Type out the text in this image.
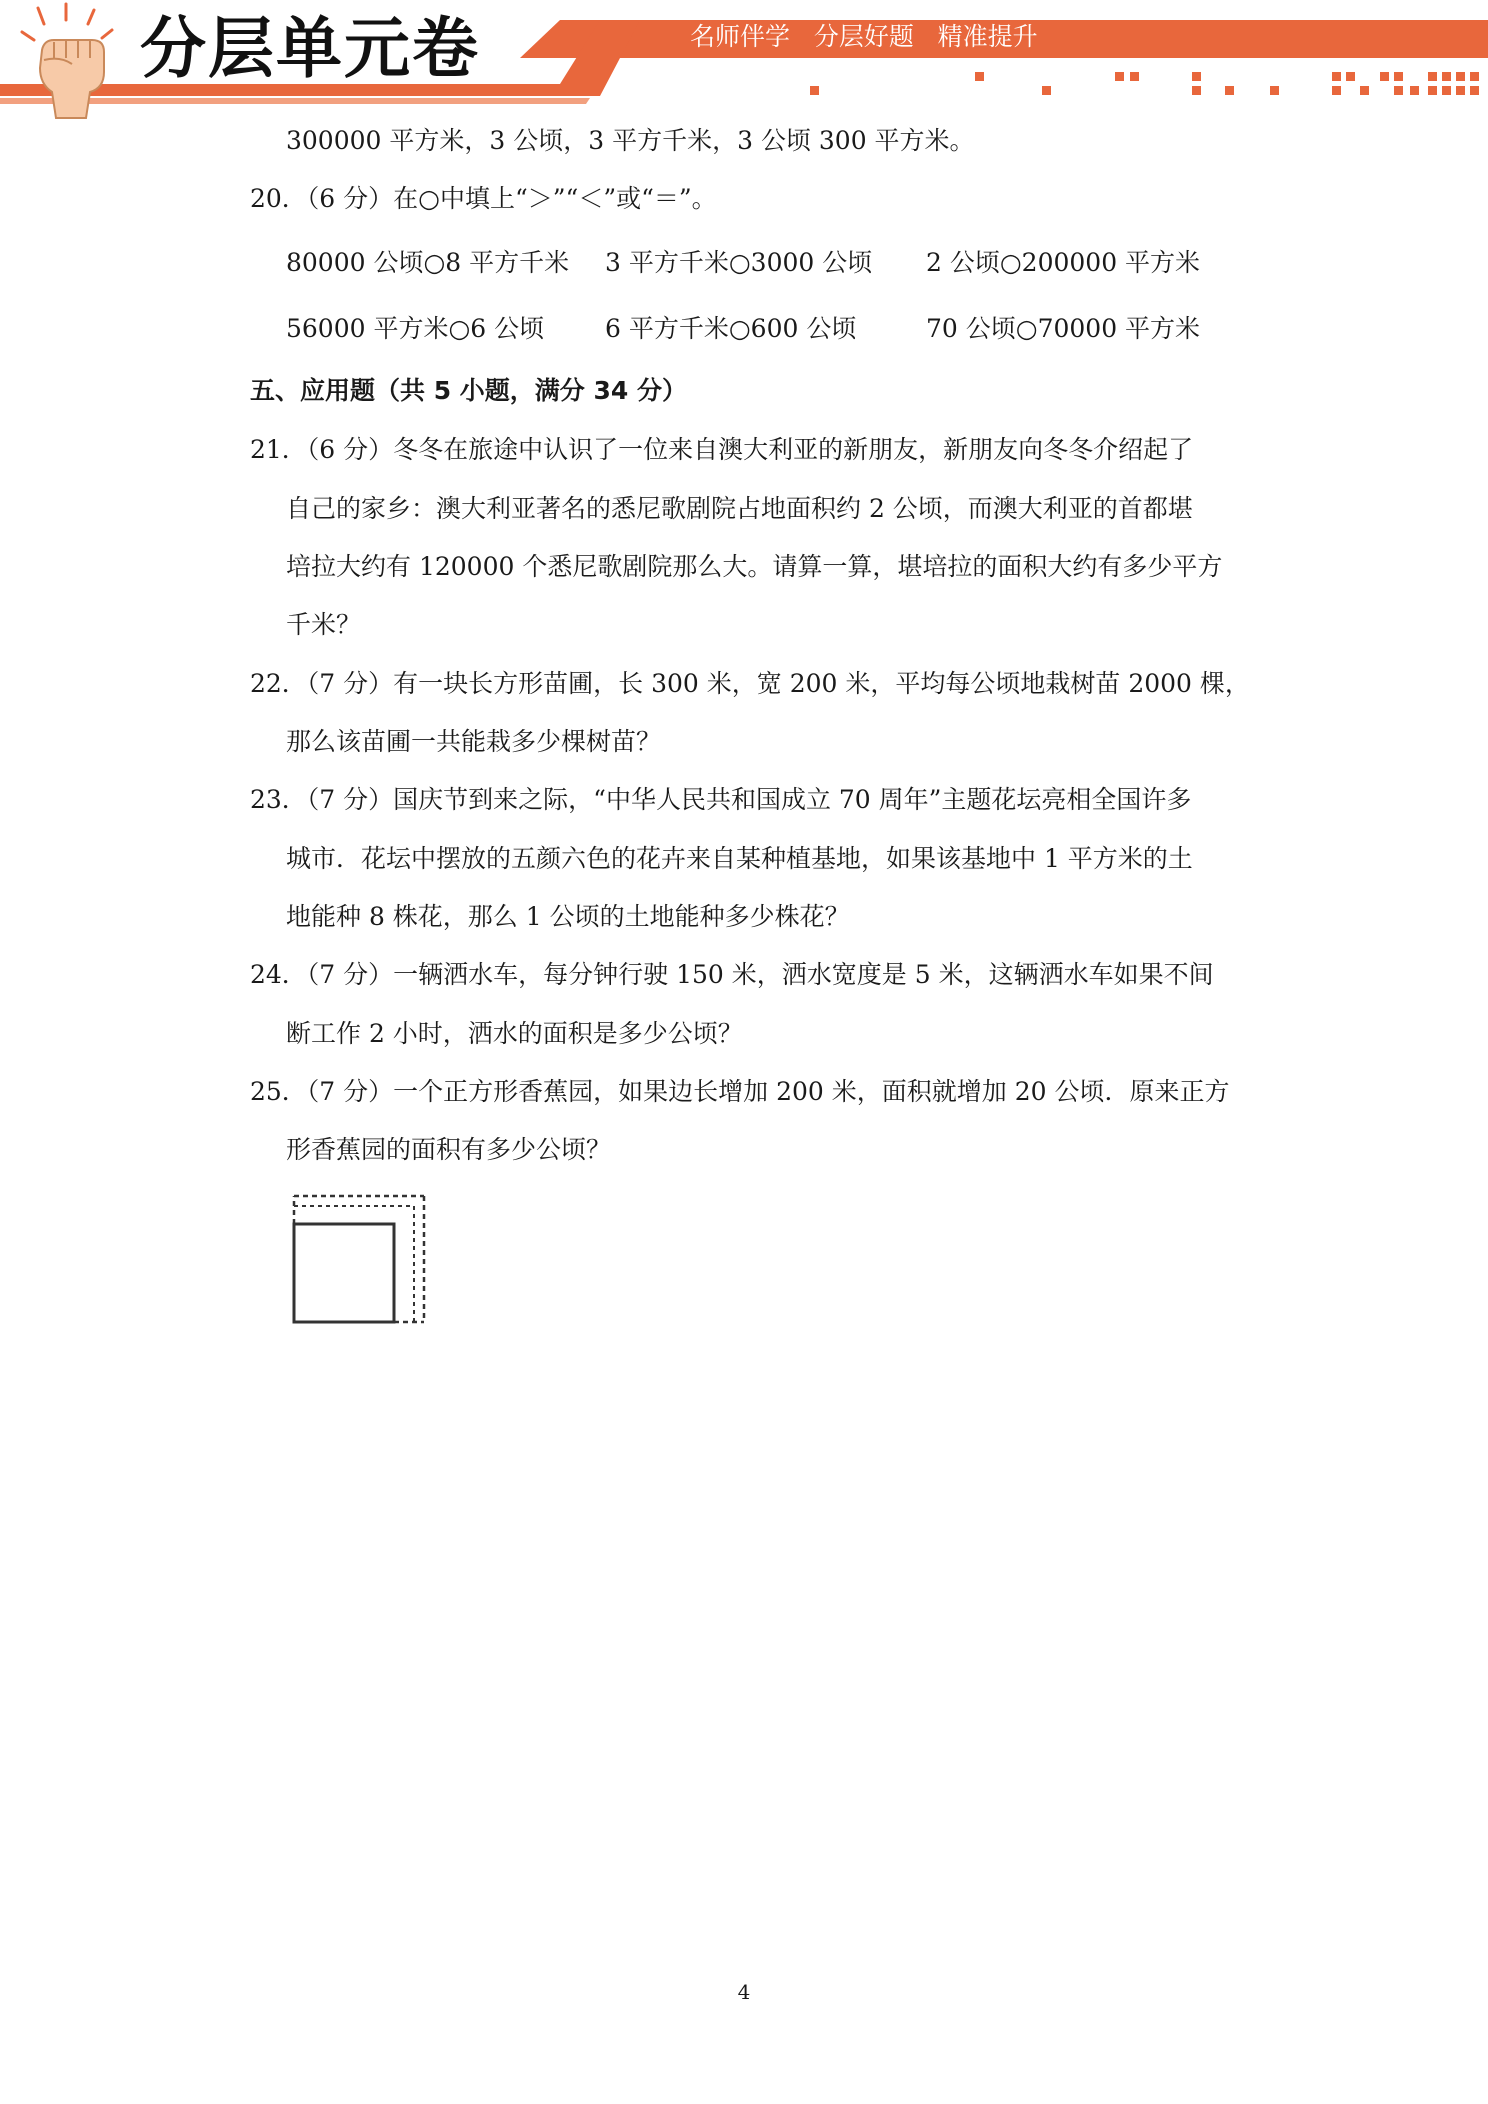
分层单元卷	名师伴学   分层好题   精准提升
300000 平方米，3 公顷，3 平方千米，3 公顷 300 平方米。
20．（6 分）在○中填上“＞”“＜”或“＝”。
80000 公顷○8 平方千米 3 平方千米○3000 公顷 2 公顷○200000 平方米
56000 平方米○6 公顷 6 平方千米○600 公顷	70 公顷○70000 平方米
五、应用题（共 5 小题，满分 34 分）
21．（6 分）冬冬在旅途中认识了一位来自澳大利亚的新朋友，新朋友向冬冬介绍起了
自己的家乡：澳大利亚著名的悉尼歌剧院占地面积约 2 公顷，而澳大利亚的首都堪
培拉大约有 120000 个悉尼歌剧院那么大。请算一算，堪培拉的面积大约有多少平方
千米？
22．（7 分）有一块长方形苗圃，长 300 米，宽 200 米，平均每公顷地栽树苗 2000 棵，
那么该苗圃一共能栽多少棵树苗？
23．（7 分）国庆节到来之际，“中华人民共和国成立 70 周年”主题花坛亮相全国许多
城市．花坛中摆放的五颜六色的花卉来自某种植基地，如果该基地中 1 平方米的土
地能种 8 株花，那么 1 公顷的土地能种多少株花？
24．（7 分）一辆洒水车，每分钟行驶 150 米，洒水宽度是 5 米，这辆洒水车如果不间
断工作 2 小时，洒水的面积是多少公顷？
25．（7 分）一个正方形香蕉园，如果边长增加 200 米，面积就增加 20 公顷．原来正方
形香蕉园的面积有多少公顷？
4
